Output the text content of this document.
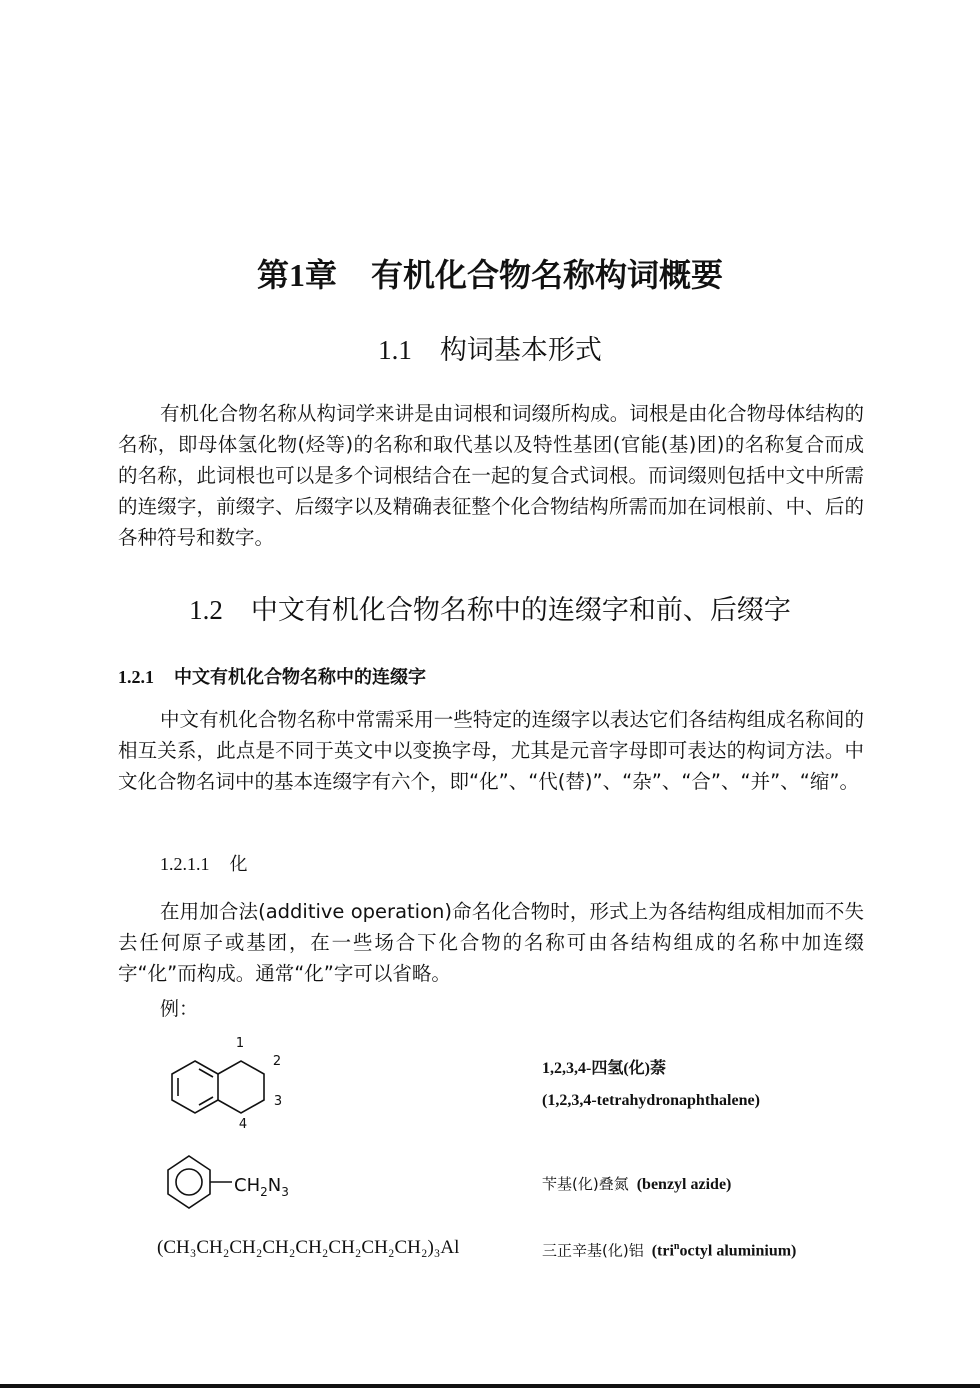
第1章 有机化合物名称构词概要
1.1 构词基本形式
有机化合物名称从构词学来讲是由词根和词缀所构成。词根是由化合物母体结构的名称，即母体氢化物(烃等)的名称和取代基以及特性基团(官能(基)团)的名称复合而成的名称，此词根也可以是多个词根结合在一起的复合式词根。而词缀则包括中文中所需的连缀字，前缀字、后缀字以及精确表征整个化合物结构所需而加在词根前、中、后的各种符号和数字。
1.2 中文有机化合物名称中的连缀字和前、后缀字
1.2.1 中文有机化合物名称中的连缀字
中文有机化合物名称中常需采用一些特定的连缀字以表达它们各结构组成名称间的相互关系，此点是不同于英文中以变换字母，尤其是元音字母即可表达的构词方法。中文化合物名词中的基本连缀字有六个，即“化”、“代(替)”、“杂”、“合”、“并”、“缩”。
1.2.1.1 化
在用加合法(additive operation)命名化合物时，形式上为各结构组成相加而不失去任何原子或基团，在一些场合下化合物的名称可由各结构组成的名称中加连缀字“化”而构成。通常“化”字可以省略。
例：
1
2
3
4
1,2,3,4-四氢(化)萘
(1,2,3,4-tetrahydronaphthalene)
$CH_2N_3$	苄基(化)叠氮 (benzyl azide)
(CH₃CH₂CH₂CH₂CH₂CH₂CH₂CH₂)₃Al	三正辛基(化)铝 (tri$^n$octyl aluminium)
